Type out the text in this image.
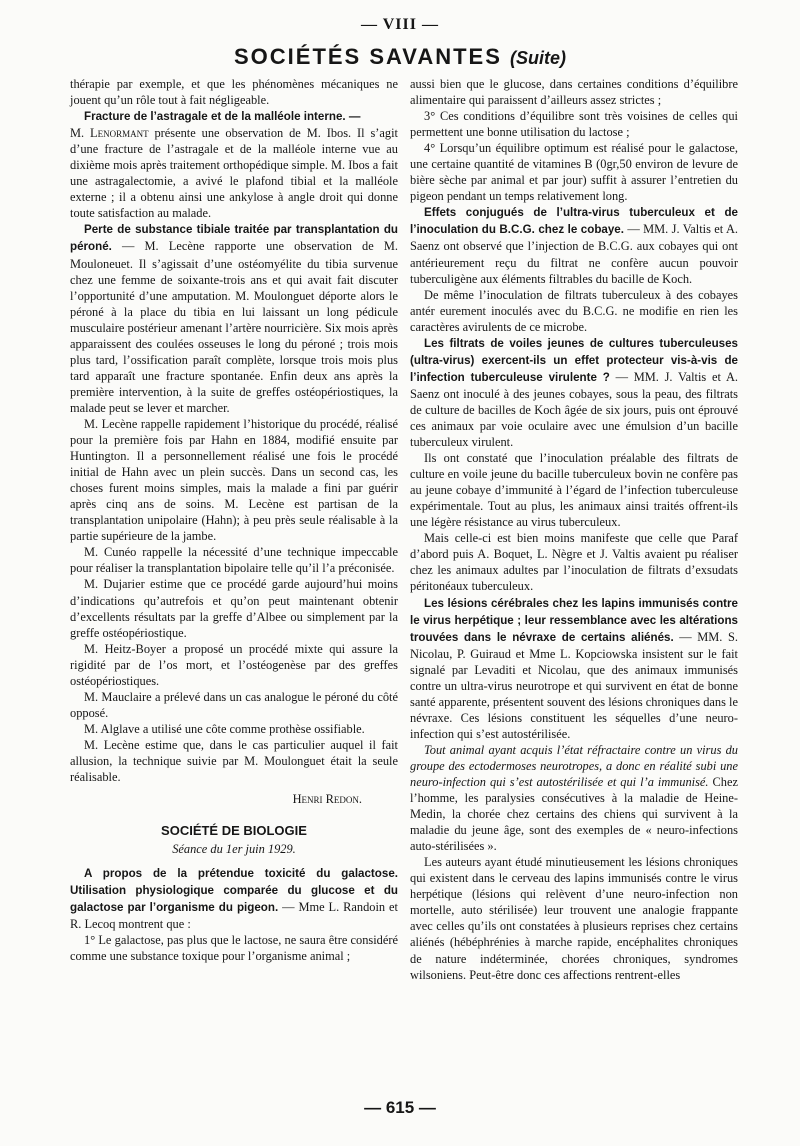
— VIII —
SOCIÉTÉS SAVANTES (Suite)

thérapie par exemple, et que les phénomènes mécaniques ne jouent qu’un rôle tout à fait négligeable.

Fracture de l’astragale et de la malléole interne. —
M. Lenormant présente une observation de M. Ibos. Il s’agit d’une fracture de l’astragale et de la malléole interne vue au dixième mois après traitement orthopédique simple. M. Ibos a fait une astragalectomie, a avivé le plafond tibial et la malléole externe ; il a obtenu ainsi une ankylose à angle droit qui donne toute satisfaction au malade.

Perte de substance tibiale traitée par transplantation du péroné. — M. Lecène rapporte une observation de M. Mouloneuet. Il s’agissait d’une ostéomyélite du tibia survenue chez une femme de soixante-trois ans et qui avait fait discuter l’opportunité d’une amputation. M. Moulonguet déporte alors le péroné à la place du tibia en lui laissant un long pédicule musculaire postérieur amenant l’artère nourricière. Six mois après apparaissent des coulées osseuses le long du péroné ; trois mois plus tard, l’ossification paraît complète, lorsque trois mois plus tard apparaît une fracture spontanée. Enfin deux ans après la première intervention, à la suite de greffes ostéopériostiques, la malade peut se lever et marcher.

M. Lecène rappelle rapidement l’historique du procédé, réalisé pour la première fois par Hahn en 1884, modifié ensuite par Huntington. Il a personnellement réalisé une fois le procédé initial de Hahn avec un plein succès. Dans un second cas, les choses furent moins simples, mais la malade a fini par guérir après cinq ans de soins. M. Lecène est partisan de la transplantation unipolaire (Hahn); à peu près seule réalisable à la partie supérieure de la jambe.

M. Cunéo rappelle la nécessité d’une technique impeccable pour réaliser la transplantation bipolaire telle qu’il l’a préconisée.

M. Dujarier estime que ce procédé garde aujourd’hui moins d’indications qu’autrefois et qu’on peut maintenant obtenir d’excellents résultats par la greffe d’Albee ou simplement par la greffe ostéopériostique.

M. Heitz-Boyer a proposé un procédé mixte qui assure la rigidité par de l’os mort, et l’ostéogenèse par des greffes ostéopériostiques.

M. Mauclaire a prélevé dans un cas analogue le péroné du côté opposé.

M. Alglave a utilisé une côte comme prothèse ossifiable.

M. Lecène estime que, dans le cas particulier auquel il fait allusion, la technique suivie par M. Moulonguet était la seule réalisable.

Henri Redon.

SOCIÉTÉ DE BIOLOGIE

Séance du 1er juin 1929.

A propos de la prétendue toxicité du galactose. Utilisation physiologique comparée du glucose et du galactose par l’organisme du pigeon. — Mme L. Randoin et R. Lecoq montrent que :

1° Le galactose, pas plus que le lactose, ne saura être considéré comme une substance toxique pour l’organisme animal ;

aussi bien que le glucose, dans certaines conditions d’équilibre alimentaire qui paraissent d’ailleurs assez strictes ;

3° Ces conditions d’équilibre sont très voisines de celles qui permettent une bonne utilisation du lactose ;

4° Lorsqu’un équilibre optimum est réalisé pour le galactose, une certaine quantité de vitamines B (0gr,50 environ de levure de bière sèche par animal et par jour) suffit à assurer l’entretien du pigeon pendant un temps relativement long.

Effets conjugués de l’ultra-virus tuberculeux et de l’inoculation du B.C.G. chez le cobaye. — MM. J. Valtis et A. Saenz ont observé que l’injection de B.C.G. aux cobayes qui ont antérieurement reçu du filtrat ne confère aucun pouvoir tuberculigène aux éléments filtrables du bacille de Koch.

De même l’inoculation de filtrats tuberculeux à des cobayes antér eurement inoculés avec du B.C.G. ne modifie en rien les caractères avirulents de ce microbe.

Les filtrats de voiles jeunes de cultures tuberculeuses (ultra-virus) exercent-ils un effet protecteur vis-à-vis de l’infection tuberculeuse virulente ? — MM. J. Valtis et A. Saenz ont inoculé à des jeunes cobayes, sous la peau, des filtrats de culture de bacilles de Koch âgée de six jours, puis ont éprouvé ces animaux par voie oculaire avec une émulsion d’un bacille tuberculeux virulent.

Ils ont constaté que l’inoculation préalable des filtrats de culture en voile jeune du bacille tuberculeux bovin ne confère pas au jeune cobaye d’immunité à l’égard de l’infection tuberculeuse expérimentale. Tout au plus, les animaux ainsi traités offrent-ils une légère résistance au virus tuberculeux.

Mais celle-ci est bien moins manifeste que celle que Paraf d’abord puis A. Boquet, L. Nègre et J. Valtis avaient pu réaliser chez les animaux adultes par l’inoculation de filtrats d’exsudats péritonéaux tuberculeux.

Les lésions cérébrales chez les lapins immunisés contre le virus herpétique ; leur ressemblance avec les altérations trouvées dans le névraxe de certains aliénés. — MM. S. Nicolau, P. Guiraud et Mme L. Kopciowska insistent sur le fait signalé par Levaditi et Nicolau, que des animaux immunisés contre un ultra-virus neurotrope et qui survivent en état de bonne santé apparente, présentent souvent des lésions chroniques dans le névraxe. Ces lésions constituent les séquelles d’une neuro-infection qui s’est autostérilisée.

Tout animal ayant acquis l’état réfractaire contre un virus du groupe des ectodermoses neurotropes, a donc en réalité subi une neuro-infection qui s’est autostérilisée et qui l’a immunisé. Chez l’homme, les paralysies consécutives à la maladie de Heine-Medin, la chorée chez certains des chiens qui survivent à la maladie du jeune âge, sont des exemples de « neuro-infections auto-stérilisées ».

Les auteurs ayant étudé minutieusement les lésions chroniques qui existent dans le cerveau des lapins immunisés contre le virus herpétique (lésions qui relèvent d’une neuro-infection non mortelle, auto stérilisée) leur trouvent une analogie frappante avec celles qu’ils ont constatées à plusieurs reprises chez certains aliénés (hébéphrénies à marche rapide, encéphalites chroniques de nature indéterminée, chorées chroniques, syndromes wilsoniens. Peut-être donc ces affections rentrent-elles

— 615 —
